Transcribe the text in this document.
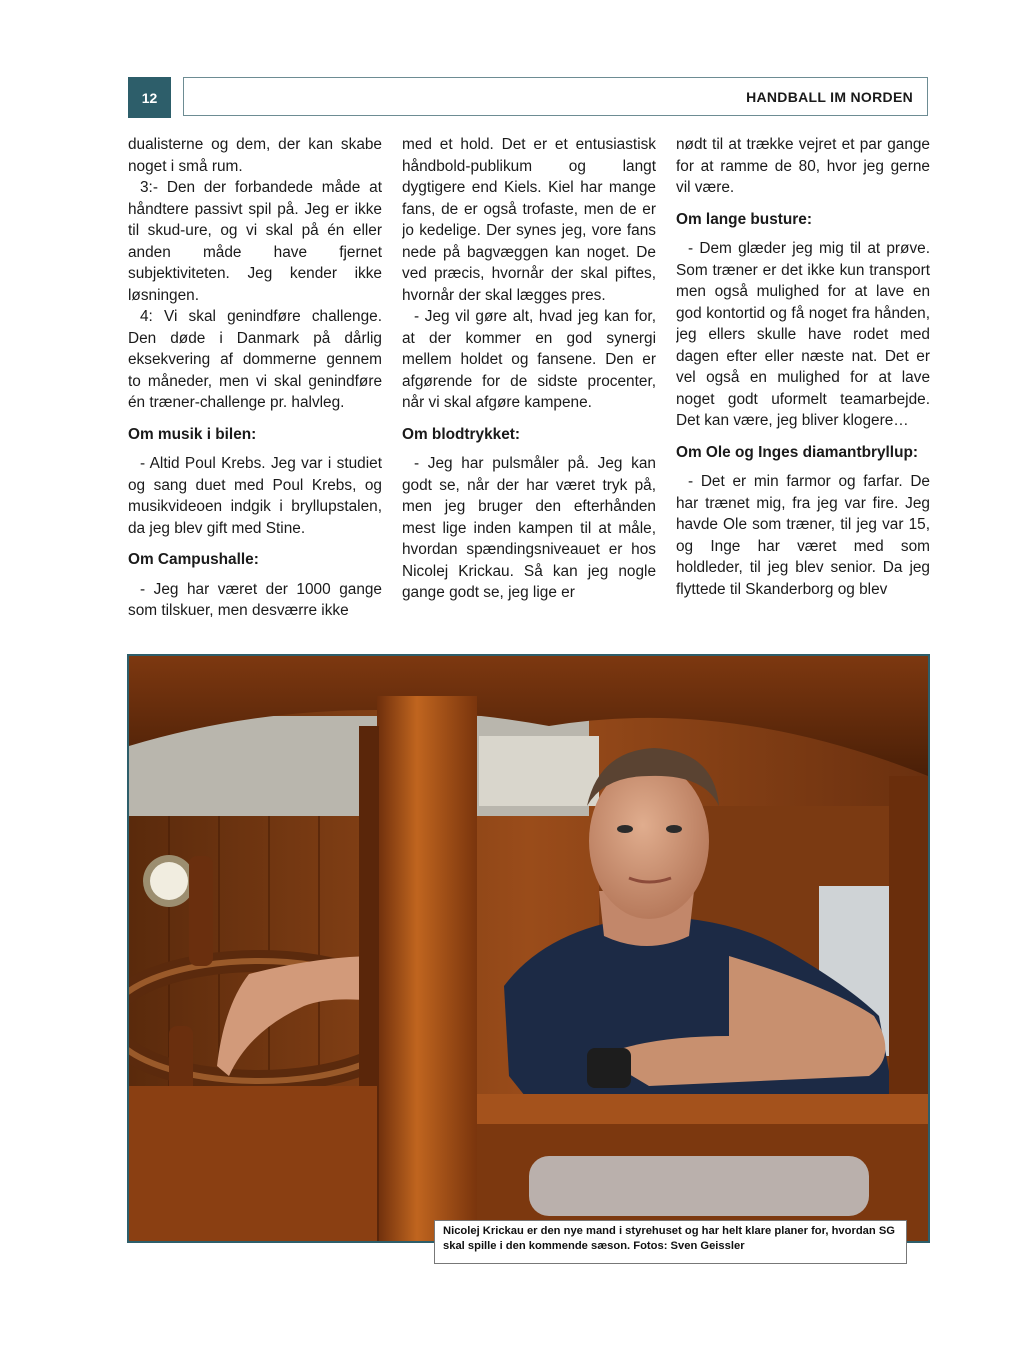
12	HANDBALL IM NORDEN

dualisterne og dem, der kan skabe noget i små rum.

3:- Den der forbandede måde at håndtere passivt spil på. Jeg er ikke til skud-ure, og vi skal på én eller anden måde have fjernet subjektiviteten. Jeg kender ikke løsningen.

4: Vi skal genindføre challenge. Den døde i Danmark på dårlig eksekvering af dommerne gennem to måneder, men vi skal genindføre én træner-challenge pr. halvleg.

Om musik i bilen:

- Altid Poul Krebs. Jeg var i studiet og sang duet med Poul Krebs, og musikvideoen indgik i bryllupstalen, da jeg blev gift med Stine.

Om Campushalle:

- Jeg har været der 1000 gange som tilskuer, men desværre ikke

med et hold. Det er et entusiastisk håndbold-publikum og langt dygtigere end Kiels. Kiel har mange fans, de er også trofaste, men de er jo kedelige. Der synes jeg, vore fans nede på bagvæggen kan noget. De ved præcis, hvornår der skal piftes, hvornår der skal lægges pres.

- Jeg vil gøre alt, hvad jeg kan for, at der kommer en god synergi mellem holdet og fansene. Den er afgørende for de sidste procenter, når vi skal afgøre kampene.

Om blodtrykket:

- Jeg har pulsmåler på. Jeg kan godt se, når der har været tryk på, men jeg bruger den efterhånden mest lige inden kampen til at måle, hvordan spændingsniveauet er hos Nicolej Krickau. Så kan jeg nogle gange godt se, jeg lige er

nødt til at trække vejret et par gange for at ramme de 80, hvor jeg gerne vil være.

Om lange busture:

- Dem glæder jeg mig til at prøve. Som træner er det ikke kun transport men også mulighed for at lave en god kontortid og få noget fra hånden, jeg ellers skulle have rodet med dagen efter eller næste nat. Det er vel også en mulighed for at lave noget godt uformelt teamarbejde. Det kan være, jeg bliver klogere…

Om Ole og Inges diamantbryllup:

- Det er min farmor og farfar. De har trænet mig, fra jeg var fire. Jeg havde Ole som træner, til jeg var 15, og Inge har været med som holdleder, til jeg blev senior. Da jeg flyttede til Skanderborg og blev

Nicolej Krickau er den nye mand i styrehuset og har helt klare planer for, hvordan SG skal spille i den kommende sæson. Fotos: Sven Geissler
